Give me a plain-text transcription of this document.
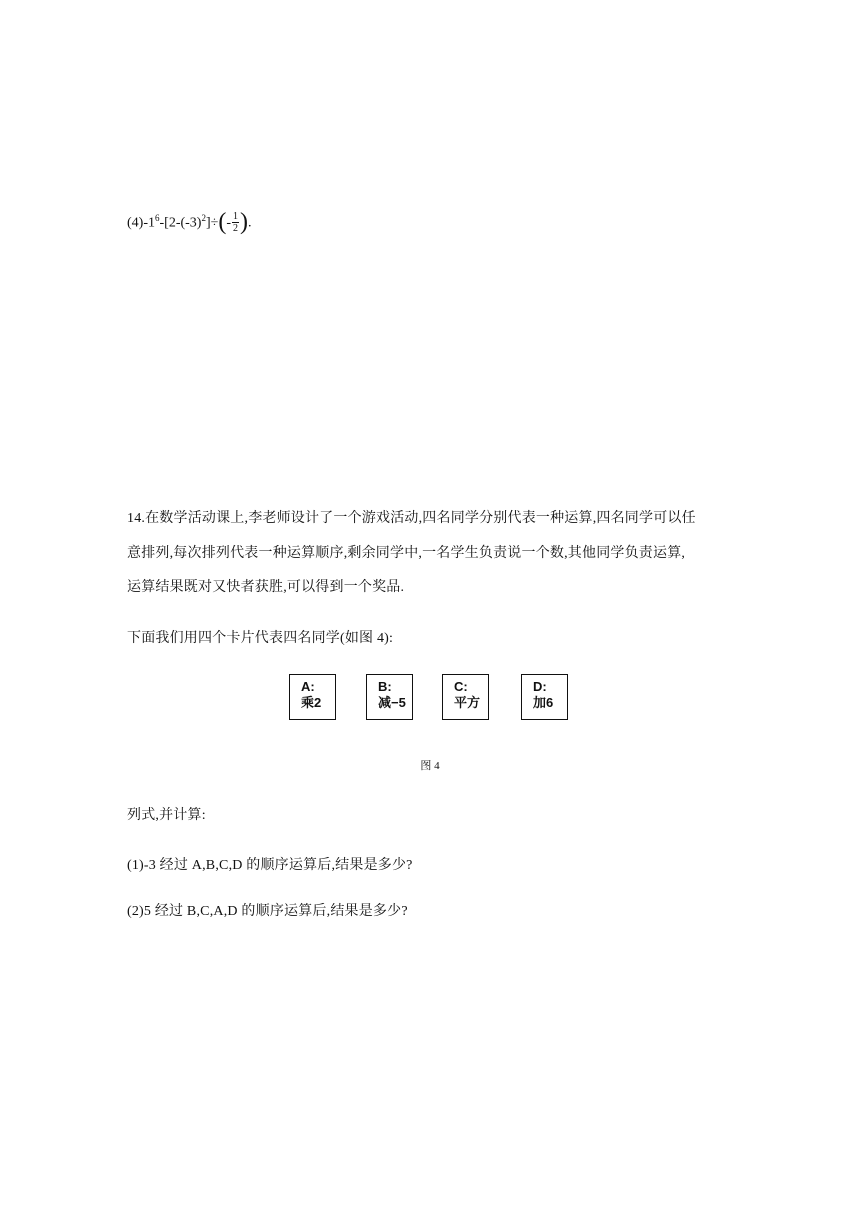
$(4)-1^6-[2-(-3)^2]\div(- \frac{1}{2}$ ).
14.在数学活动课上,李老师设计了一个游戏活动,四名同学分别代表一种运算,四名同学可以任
意排列,每次排列代表一种运算顺序,剩余同学中,一名学生负责说一个数,其他同学负责运算,
运算结果既对又快者获胜,可以得到一个奖品.
下面我们用四个卡片代表四名同学(如图 4):
A:
乘2
B:
减−5
C:
平方
D:
加6
图 4
列式,并计算:
(1)-3 经过 A,B,C,D 的顺序运算后,结果是多少?
(2)5 经过 B,C,A,D 的顺序运算后,结果是多少?
